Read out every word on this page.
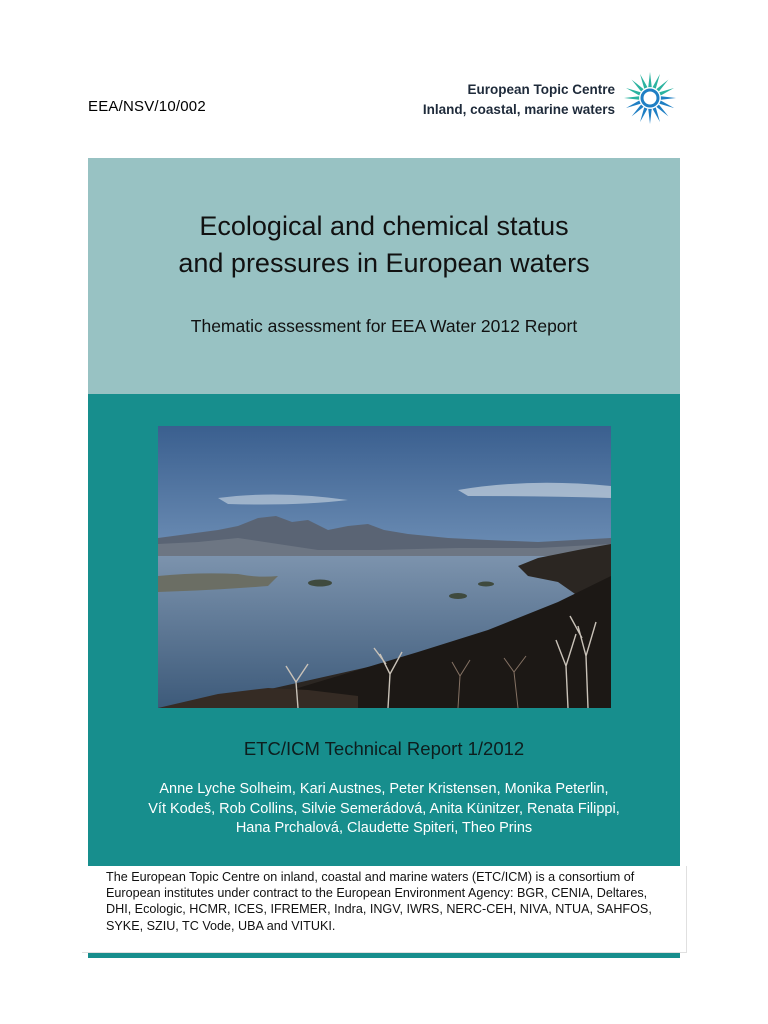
EEA/NSV/10/002
European Topic Centre
Inland, coastal, marine waters
Ecological and chemical status
and pressures in European waters
Thematic assessment for EEA Water 2012 Report
ETC/ICM Technical Report 1/2012
Anne Lyche Solheim, Kari Austnes, Peter Kristensen, Monika Peterlin,
Vít Kodeš, Rob Collins, Silvie Semerádová, Anita Künitzer, Renata Filippi,
Hana Prchalová, Claudette Spiteri, Theo Prins

The European Topic Centre on inland, coastal and marine waters (ETC/ICM) is a consortium of
European institutes under contract to the European Environment Agency: BGR, CENIA, Deltares,
DHI, Ecologic, HCMR, ICES, IFREMER, Indra, INGV, IWRS, NERC-CEH, NIVA, NTUA, SAHFOS,
SYKE, SZIU, TC Vode, UBA and VITUKI.
